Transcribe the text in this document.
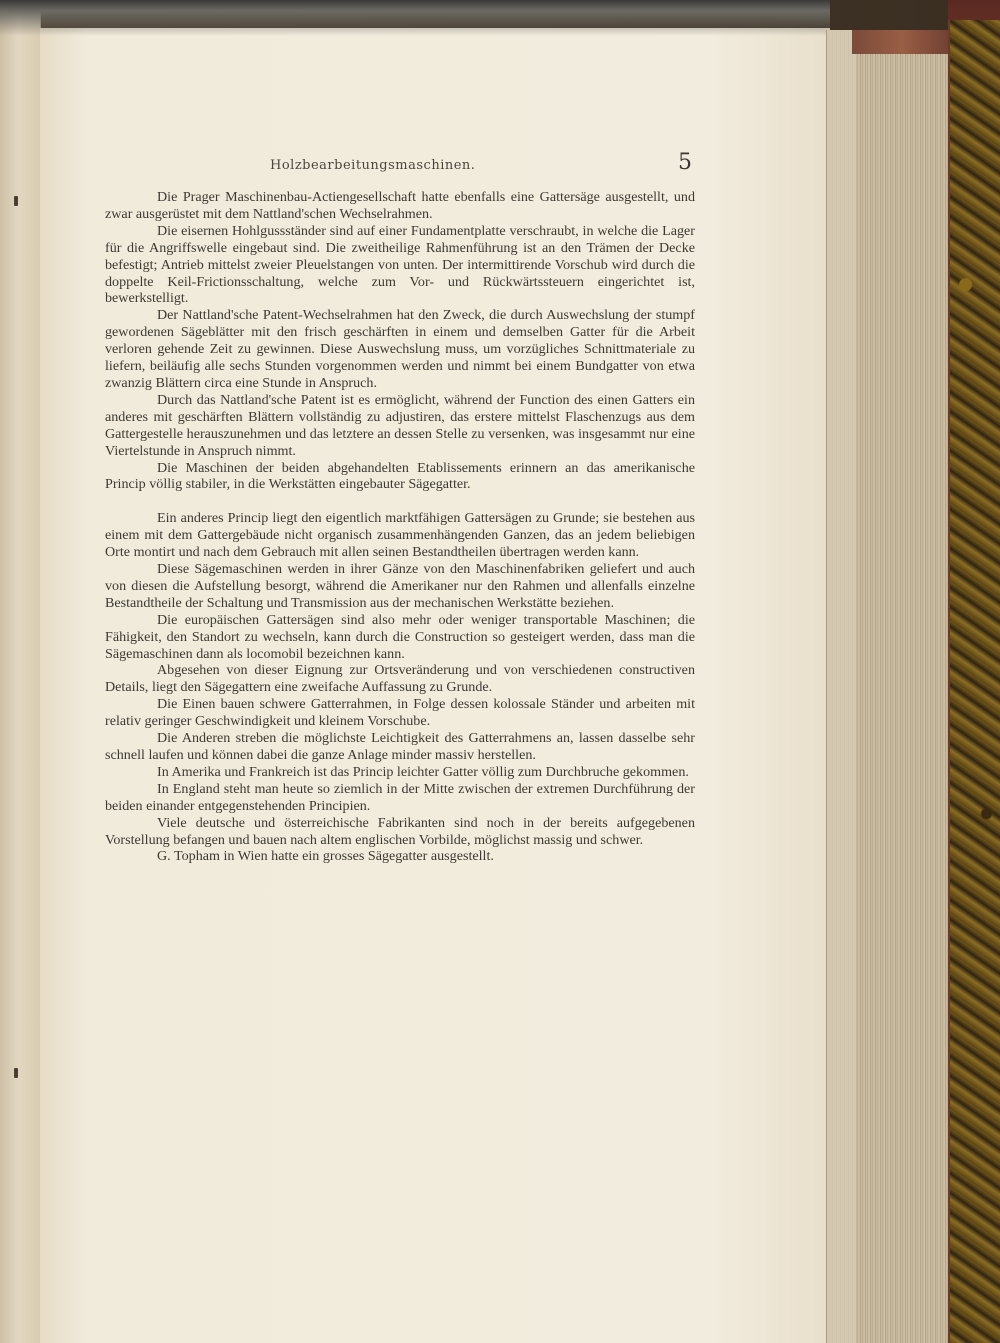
Holzbearbeitungsmaschinen.	5

Die Prager Maschinenbau-Actiengesellschaft hatte ebenfalls eine Gattersäge ausgestellt, und zwar ausgerüstet mit dem Nattland'schen Wechselrahmen.

Die eisernen Hohlgussständer sind auf einer Fundamentplatte verschraubt, in welche die Lager für die Angriffswelle eingebaut sind. Die zweitheilige Rahmenführung ist an den Trämen der Decke befestigt; Antrieb mittelst zweier Pleuelstangen von unten. Der intermittirende Vorschub wird durch die doppelte Keil-Frictionsschaltung, welche zum Vor- und Rückwärtssteuern eingerichtet ist, bewerkstelligt.

Der Nattland'sche Patent-Wechselrahmen hat den Zweck, die durch Auswechslung der stumpf gewordenen Sägeblätter mit den frisch geschärften in einem und demselben Gatter für die Arbeit verloren gehende Zeit zu gewinnen. Diese Auswechslung muss, um vorzügliches Schnittmateriale zu liefern, beiläufig alle sechs Stunden vorgenommen werden und nimmt bei einem Bundgatter von etwa zwanzig Blättern circa eine Stunde in Anspruch.

Durch das Nattland'sche Patent ist es ermöglicht, während der Function des einen Gatters ein anderes mit geschärften Blättern vollständig zu adjustiren, das erstere mittelst Flaschenzugs aus dem Gattergestelle herauszunehmen und das letztere an dessen Stelle zu versenken, was insgesammt nur eine Viertelstunde in Anspruch nimmt.

Die Maschinen der beiden abgehandelten Etablissements erinnern an das amerikanische Princip völlig stabiler, in die Werkstätten eingebauter Sägegatter.

Ein anderes Princip liegt den eigentlich marktfähigen Gattersägen zu Grunde; sie bestehen aus einem mit dem Gattergebäude nicht organisch zusammenhängenden Ganzen, das an jedem beliebigen Orte montirt und nach dem Gebrauch mit allen seinen Bestandtheilen übertragen werden kann.

Diese Sägemaschinen werden in ihrer Gänze von den Maschinenfabriken geliefert und auch von diesen die Aufstellung besorgt, während die Amerikaner nur den Rahmen und allenfalls einzelne Bestandtheile der Schaltung und Transmission aus der mechanischen Werkstätte beziehen.

Die europäischen Gattersägen sind also mehr oder weniger transportable Maschinen; die Fähigkeit, den Standort zu wechseln, kann durch die Construction so gesteigert werden, dass man die Sägemaschinen dann als locomobil bezeichnen kann.

Abgesehen von dieser Eignung zur Ortsveränderung und von verschiedenen constructiven Details, liegt den Sägegattern eine zweifache Auffassung zu Grunde.

Die Einen bauen schwere Gatterrahmen, in Folge dessen kolossale Ständer und arbeiten mit relativ geringer Geschwindigkeit und kleinem Vorschube.

Die Anderen streben die möglichste Leichtigkeit des Gatterrahmens an, lassen dasselbe sehr schnell laufen und können dabei die ganze Anlage minder massiv herstellen.

In Amerika und Frankreich ist das Princip leichter Gatter völlig zum Durchbruche gekommen.

In England steht man heute so ziemlich in der Mitte zwischen der extremen Durchführung der beiden einander entgegenstehenden Principien.

Viele deutsche und österreichische Fabrikanten sind noch in der bereits aufgegebenen Vorstellung befangen und bauen nach altem englischen Vorbilde, möglichst massig und schwer.

G. Topham in Wien hatte ein grosses Sägegatter ausgestellt.
